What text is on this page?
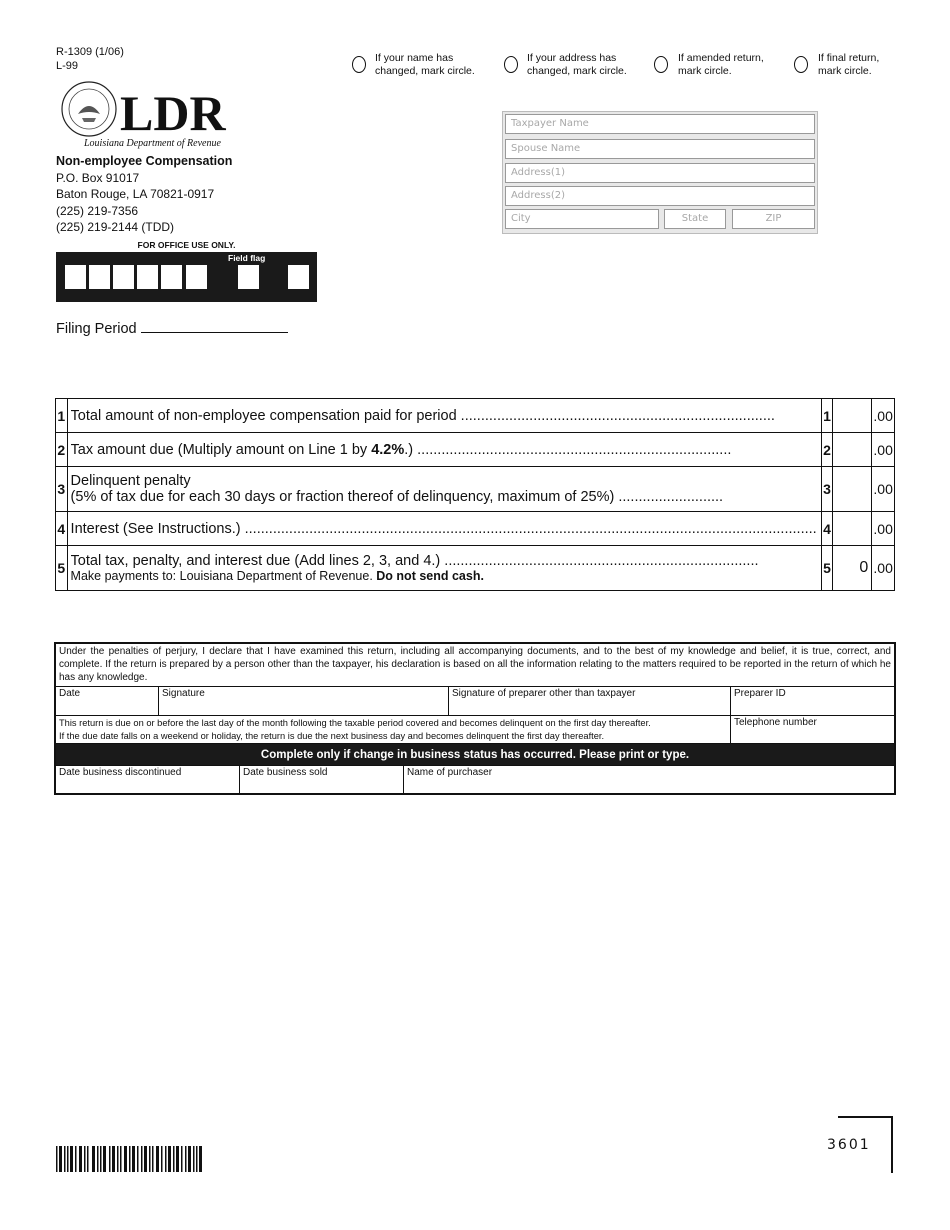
R-1309 (1/06)
L-99
LDR
Louisiana Department of Revenue
Non-employee Compensation
P.O. Box 91017
Baton Rouge, LA 70821-0917
(225) 219-7356
(225) 219-2144 (TDD)
FOR OFFICE USE ONLY.
Field flag
Filing Period
If your name has
changed, mark circle.
If your address has
changed, mark circle.
If amended return,
mark circle.
If final return,
mark circle.
Taxpayer Name
Spouse Name
Address(1)
Address(2)
City	State	ZIP
1	Total amount of non-employee compensation paid for period ..............................................................................	1		.00
2	Tax amount due (Multiply amount on Line 1 by 4.2%.) ..............................................................................	2		.00
3	Delinquent penalty
(5% of tax due for each 30 days or fraction thereof of delinquency, maximum of 25%) ..........................	3		.00
4	Interest (See Instructions.) ..............................................................................................................................................	4		.00
5	Total tax, penalty, and interest due (Add lines 2, 3, and 4.) ..............................................................................
Make payments to: Louisiana Department of Revenue. Do not send cash.	5	0	.00
Under the penalties of perjury, I declare that I have examined this return, including all accompanying documents, and to the best of my knowledge and belief, it is true, correct, and complete. If the return is prepared by a person other than the taxpayer, his declaration is based on all the information relating to the matters required to be reported in the return of which he has any knowledge.
Date	Signature	Signature of preparer other than taxpayer	Preparer ID
This return is due on or before the last day of the month following the taxable period covered and becomes delinquent on the first day thereafter.
If the due date falls on a weekend or holiday, the return is due the next business day and becomes delinquent the first day thereafter.
Telephone number
Complete only if change in business status has occurred. Please print or type.
Date business discontinued	Date business sold	Name of purchaser
3601
